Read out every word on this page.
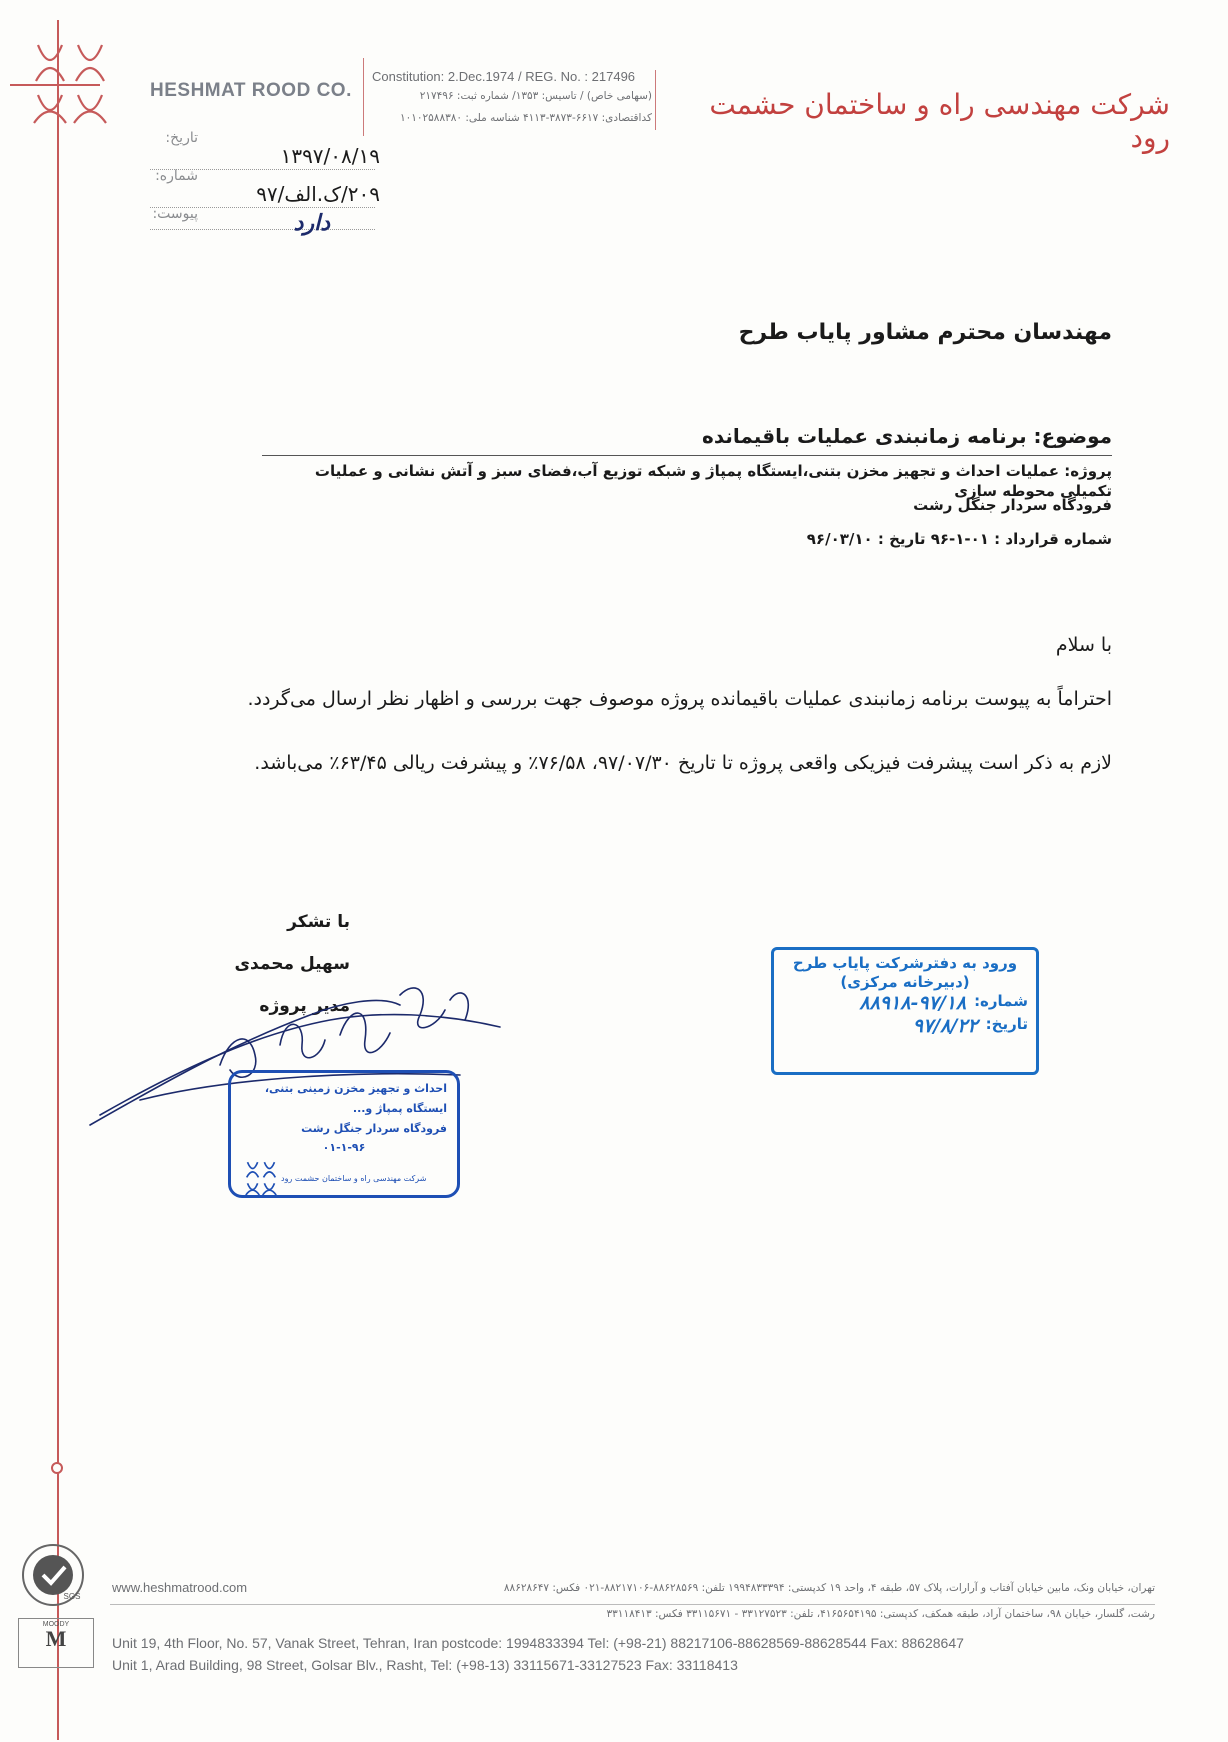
HESHMAT ROOD CO.
Constitution: 2.Dec.1974 / REG. No. : 217496
(سهامی خاص) / تاسیس: ۱۳۵۳/ شماره ثبت: ۲۱۷۴۹۶
کداقتصادی: ۶۶۱۷-۳۸۷۳-۴۱۱۳ شناسه ملی: ۱۰۱۰۲۵۸۸۳۸۰	شرکت مهندسی راه و ساختمان حشمت رود
تاریخ:
۱۳۹۷/۰۸/۱۹
شماره:
۲۰۹/ک.الف/۹۷
پیوست:	دارد
مهندسان محترم مشاور پایاب طرح
موضوع: برنامه زمانبندی عملیات باقیمانده
پروژه: عملیات احداث و تجهیز مخزن بتنی،ایستگاه پمپاژ و شبکه توزیع آب،فضای سبز و آتش نشانی و عملیات تکمیلی محوطه سازی
فرودگاه سردار جنگل رشت
شماره قرارداد : ۰۱-۱-۹۶ تاریخ : ۹۶/۰۳/۱۰
با سلام
احتراماً به پیوست برنامه زمانبندی عملیات باقیمانده پروژه موصوف جهت بررسی و اظهار نظر ارسال می‌گردد.
لازم به ذکر است پیشرفت فیزیکی واقعی پروژه تا تاریخ ۹۷/۰۷/۳۰، ۷۶/۵۸٪ و پیشرفت ریالی ۶۳/۴۵٪ می‌باشد.
با تشکر
سهیل محمدی
مدیر پروژه
احداث و تجهیز مخزن زمینی بتنی، ایستگاه پمپاژ و...
فرودگاه سردار جنگل رشت
۰۱-۱-۹۶
شرکت مهندسی راه و ساختمان حشمت رود
ورود به دفترشرکت پایاب طرح
(دبیرخانه مرکزی)
شماره:
۸۸۹۱۸-۹۷/۱۸
تاریخ:
۹۷/۸/۲۲
SGS
MOODY
M
www.heshmatrood.com	تهران، خیابان ونک، مابین خیابان آفتاب و آرارات، پلاک ۵۷، طبقه ۴، واحد ۱۹ کدپستی: ۱۹۹۴۸۳۳۳۹۴ تلفن: ۸۸۶۲۸۵۶۹-۸۸۲۱۷۱۰۶-۰۲۱ فکس: ۸۸۶۲۸۶۴۷
رشت، گلسار، خیابان ۹۸، ساختمان آراد، طبقه همکف، کدپستی: ۴۱۶۵۶۵۴۱۹۵، تلفن: ۳۳۱۲۷۵۲۳ - ۳۳۱۱۵۶۷۱ فکس: ۳۳۱۱۸۴۱۳
Unit 19, 4th Floor, No. 57, Vanak Street, Tehran, Iran postcode: 1994833394 Tel: (+98-21) 88217106-88628569-88628544 Fax: 88628647
Unit 1, Arad Building, 98 Street, Golsar Blv., Rasht, Tel: (+98-13) 33115671-33127523 Fax: 33118413
